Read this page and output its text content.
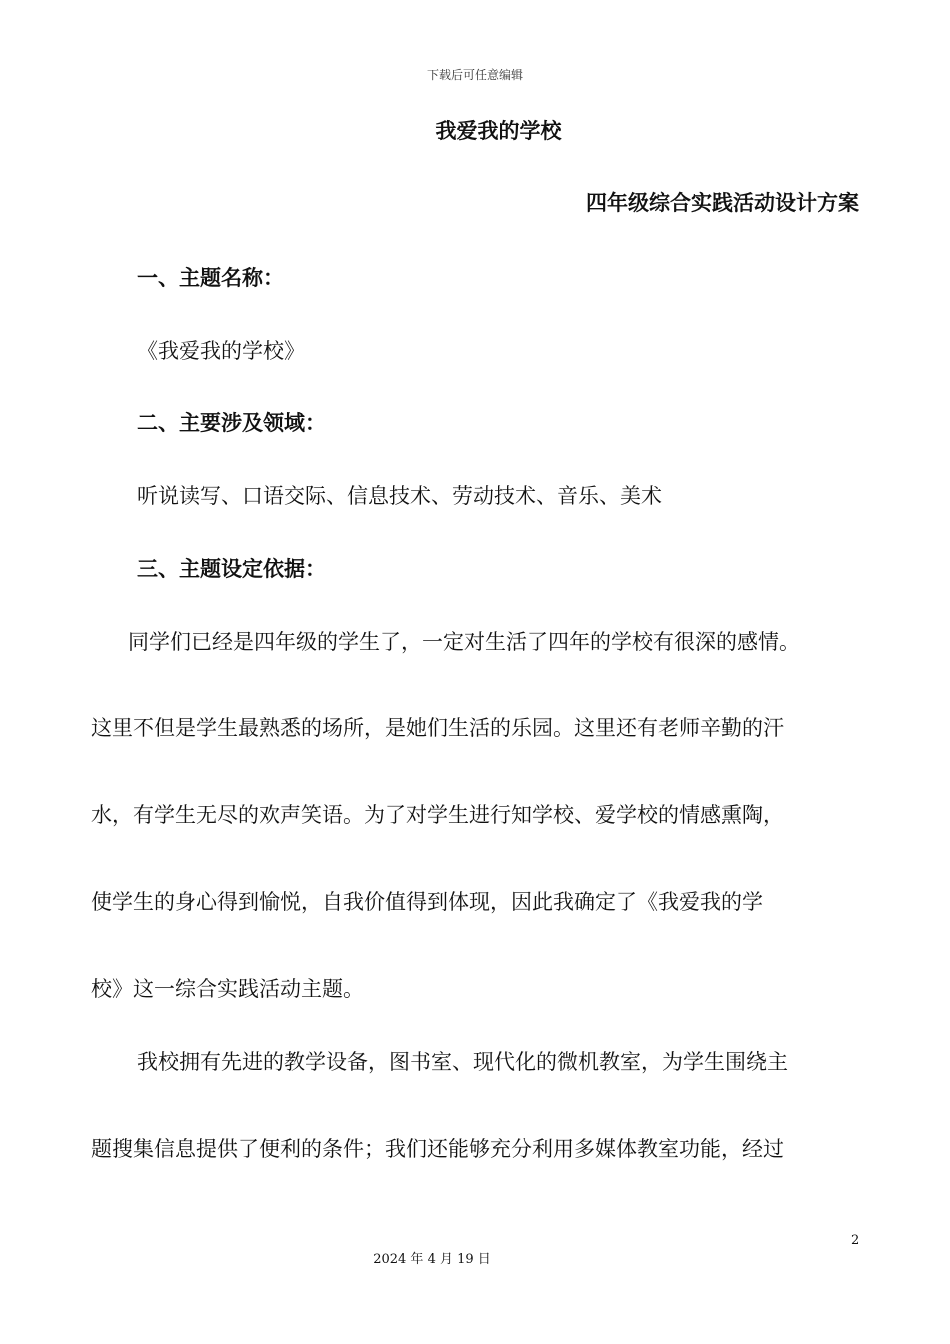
下载后可任意编辑
我爱我的学校
四年级综合实践活动设计方案
一、主题名称：
《我爱我的学校》
二、主要涉及领域：
听说读写、口语交际、信息技术、劳动技术、音乐、美术
三、主题设定依据：
同学们已经是四年级的学生了，一定对生活了四年的学校有很深的感情。
这里不但是学生最熟悉的场所，是她们生活的乐园。这里还有老师辛勤的汗
水，有学生无尽的欢声笑语。为了对学生进行知学校、爱学校的情感熏陶，
使学生的身心得到愉悦，自我价值得到体现，因此我确定了《我爱我的学
校》这一综合实践活动主题。
我校拥有先进的教学设备，图书室、现代化的微机教室，为学生围绕主
题搜集信息提供了便利的条件；我们还能够充分利用多媒体教室功能，经过
2
2024 年 4 月 19 日
